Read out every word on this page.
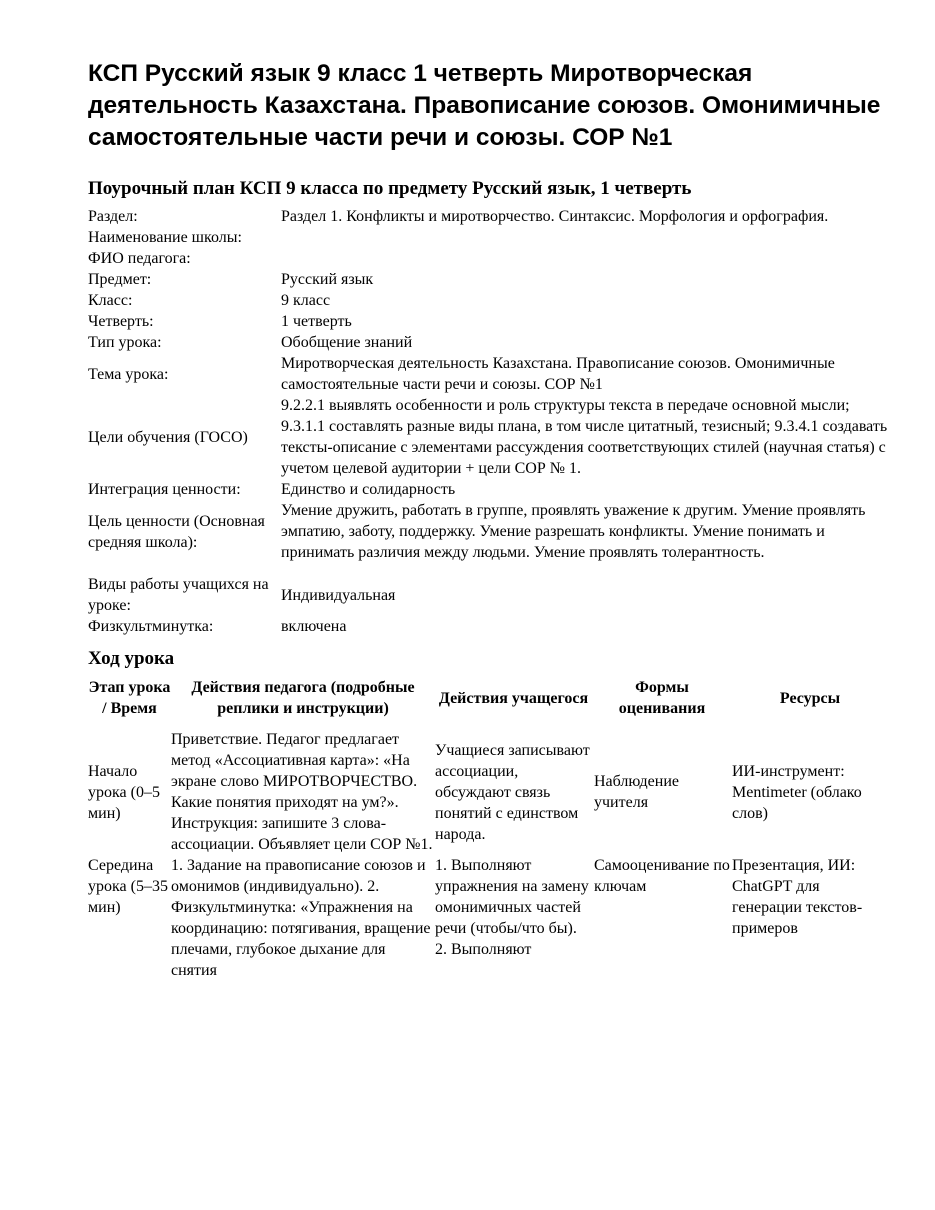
КСП Русский язык 9 класс 1 четверть Миротворческая деятельность Казахстана. Правописание союзов. Омонимичные самостоятельные части речи и союзы. СОР №1
Поурочный план КСП 9 класса по предмету Русский язык, 1 четверть
Раздел:	Раздел 1. Конфликты и миротворчество. Синтаксис. Морфология и орфография.
Наименование школы:	
ФИО педагога:	
Предмет:	Русский язык
Класс:	9 класс
Четверть:	1 четверть
Тип урока:	Обобщение знаний
Тема урока:	Миротворческая деятельность Казахстана. Правописание союзов. Омонимичные самостоятельные части речи и союзы. СОР №1
Цели обучения (ГОСО)	9.2.2.1 выявлять особенности и роль структуры текста в передаче основной мысли; 9.3.1.1 составлять разные виды плана, в том числе цитатный, тезисный; 9.3.4.1 создавать тексты-описание с элементами рассуждения соответствующих стилей (научная статья) с учетом целевой аудитории + цели СОР № 1.
Интеграция ценности:	Единство и солидарность
Цель ценности (Основная средняя школа):	Умение дружить, работать в группе, проявлять уважение к другим. Умение проявлять эмпатию, заботу, поддержку. Умение разрешать конфликты. Умение понимать и принимать различия между людьми. Умение проявлять толерантность.

Виды работы учащихся на уроке:	Индивидуальная
Физкультминутка:	включена
Ход урока
Этап урока / Время	Действия педагога (подробные реплики и инструкции)	Действия учащегося	Формы оценивания	Ресурсы
Начало урока (0–5 мин)	Приветствие. Педагог предлагает метод «Ассоциативная карта»: «На экране слово МИРОТВОРЧЕСТВО. Какие понятия приходят на ум?». Инструкция: запишите 3 слова-ассоциации. Объявляет цели СОР №1.	Учащиеся записывают ассоциации, обсуждают связь понятий с единством народа.	Наблюдение учителя	ИИ-инструмент: Mentimeter (облако слов)
Середина урока (5–35 мин)	1. Задание на правописание союзов и омонимов (индивидуально). 2. Физкультминутка: «Упражнения на координацию: потягивания, вращение плечами, глубокое дыхание для снятия	1. Выполняют упражнения на замену омонимичных частей речи (чтобы/что бы). 2. Выполняют	Самооценивание по ключам	Презентация, ИИ: ChatGPT для генерации текстов-примеров
